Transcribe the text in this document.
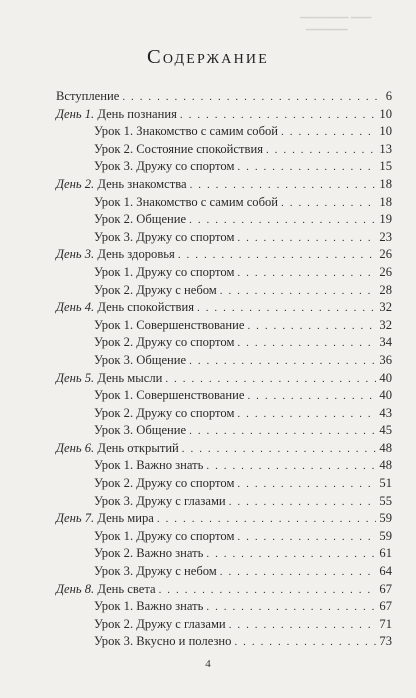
▁▁▁▁▁▁▁ ▁▁▁
▁▁▁▁▁▁
Содержание
Вступление . . .	6
День 1. День познания . . .	10
Урок 1. Знакомство с самим собой . . .	10
Урок 2. Состояние спокойствия . . .	13
Урок 3. Дружу со спортом . . .	15
День 2. День знакомства . . .	18
Урок 1. Знакомство с самим собой . . .	18
Урок 2. Общение . . .	19
Урок 3. Дружу со спортом . . .	23
День 3. День здоровья . . .	26
Урок 1. Дружу со спортом . . .	26
Урок 2. Дружу с небом . . .	28
День 4. День спокойствия . . .	32
Урок 1. Совершенствование . . .	32
Урок 2. Дружу со спортом . . .	34
Урок 3. Общение . . .	36
День 5. День мысли . . .	40
Урок 1. Совершенствование . . .	40
Урок 2. Дружу со спортом . . .	43
Урок 3. Общение . . .	45
День 6. День открытий . . .	48
Урок 1. Важно знать . . .	48
Урок 2. Дружу со спортом . . .	51
Урок 3. Дружу с глазами . . .	55
День 7. День мира . . .	59
Урок 1. Дружу со спортом . . .	59
Урок 2. Важно знать . . .	61
Урок 3. Дружу с небом . . .	64
День 8. День света . . .	67
Урок 1. Важно знать . . .	67
Урок 2. Дружу с глазами . . .	71
Урок 3. Вкусно и полезно . . .	73
4
